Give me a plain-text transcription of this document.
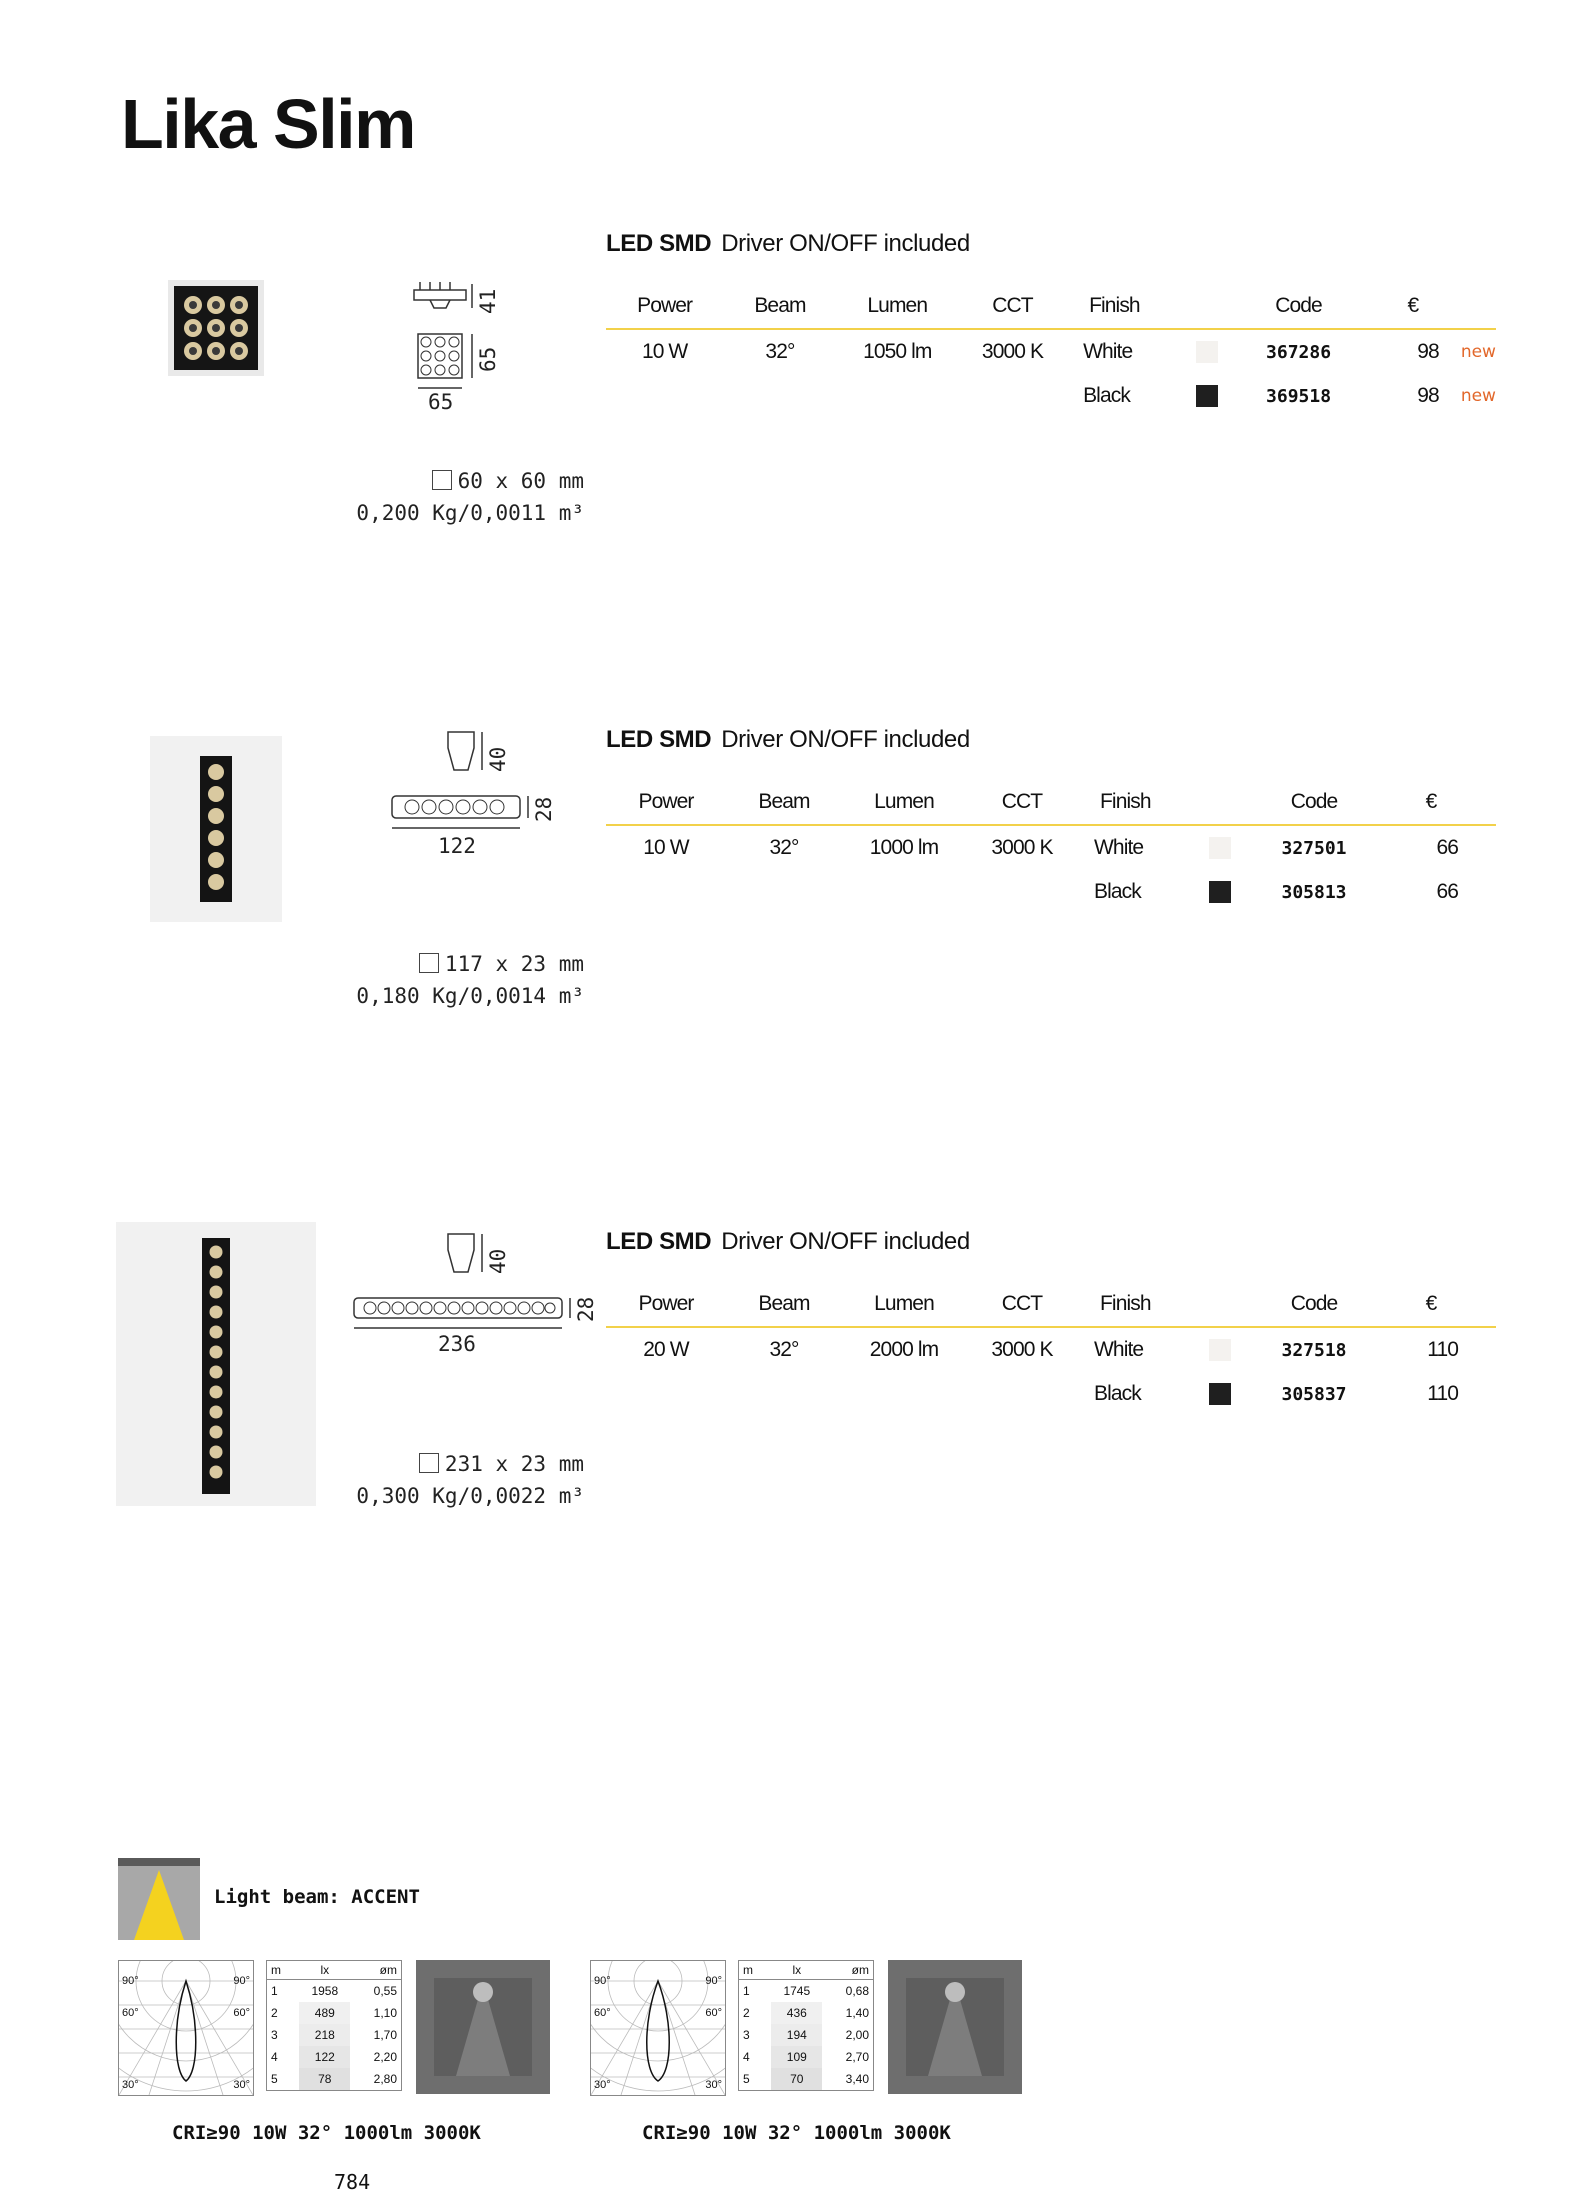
Lika Slim
41
65
65
60 x 60 mm
0,200 Kg/0,0011 m³
LED SMD Driver ON/OFF included
Power	Beam	Lumen	CCT	Finish		Code	€	
10 W	32°	1050 lm	3000 K	White		367286	98	new
				Black		369518	98	new
40
28
122
117 x 23 mm
0,180 Kg/0,0014 m³
LED SMD Driver ON/OFF included
Power	Beam	Lumen	CCT	Finish		Code	€	
10 W	32°	1000 lm	3000 K	White		327501	66	
				Black		305813	66	
40
28
236
231 x 23 mm
0,300 Kg/0,0022 m³
LED SMD Driver ON/OFF included
Power	Beam	Lumen	CCT	Finish		Code	€	
20 W	32°	2000 lm	3000 K	White		327518	110	
				Black		305837	110	
Light beam: ACCENT
90°	90°
60°	60°
30°	30°
m	lx	øm
1	1958	0,55
2	489	1,10
3	218	1,70
4	122	2,20
5	78	2,80
CRI≥90 10W 32° 1000lm 3000K
90°	90°
60°	60°
30°	30°
m	lx	øm
1	1745	0,68
2	436	1,40
3	194	2,00
4	109	2,70
5	70	3,40
CRI≥90 10W 32° 1000lm 3000K
784
